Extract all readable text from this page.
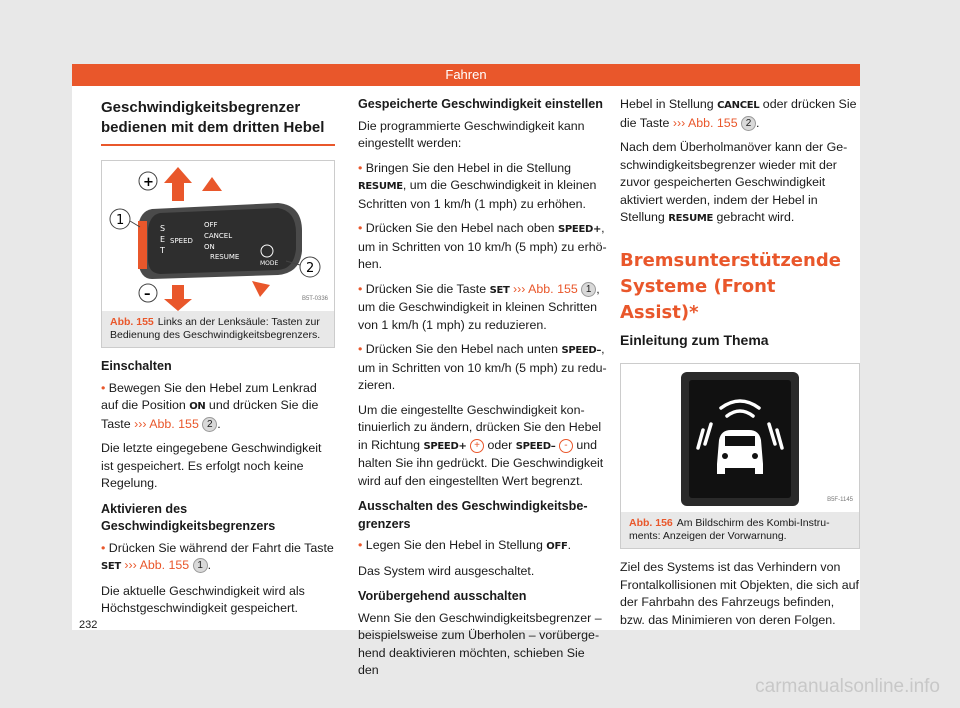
Fahren
Geschwindigkeitsbegrenzer bedienen mit dem dritten Hebel
S
E
T
SPEED
OFF
CANCEL
ON
RESUME
MODE
1
2
+
–	B5T-0336
Abb. 155 Links an der Lenksäule: Tasten zur Bedienung des Geschwindigkeitsbegrenzers.
Einschalten

• Bewegen Sie den Hebel zum Lenkrad auf die Position ON und drücken Sie die Taste ››› Abb. 155 2 .

Die letzte eingegebene Geschwindigkeit ist gespeichert. Es erfolgt noch keine Regelung.

Aktivieren des Geschwindigkeitsbegrenzers

• Drücken Sie während der Fahrt die Taste SET ››› Abb. 155 1 .

Die aktuelle Geschwindigkeit wird als Höchstgeschwindigkeit gespeichert.

Gespeicherte Geschwindigkeit einstellen

Die programmierte Geschwindigkeit kann eingestellt werden:

• Bringen Sie den Hebel in die Stellung RESUME, um die Geschwindigkeit in kleinen Schritten von 1 km/h (1 mph) zu erhöhen.

• Drücken Sie den Hebel nach oben SPEED+, um in Schritten von 10 km/h (5 mph) zu erhöhen.

• Drücken Sie die Taste SET ››› Abb. 155 1 , um die Geschwindigkeit in kleinen Schritten von 1 km/h (1 mph) zu reduzieren.

• Drücken Sie den Hebel nach unten SPEED–, um in Schritten von 10 km/h (5 mph) zu reduzieren.

Um die eingestellte Geschwindigkeit kontinuierlich zu ändern, drücken Sie den Hebel in Richtung SPEED+ + oder SPEED– - und halten Sie ihn gedrückt. Die Geschwindigkeit wird auf den eingestellten Wert begrenzt.

Ausschalten des Geschwindigkeitsbegrenzers

• Legen Sie den Hebel in Stellung OFF.

Das System wird ausgeschaltet.

Vorübergehend ausschalten

Wenn Sie den Geschwindigkeitsbegrenzer – beispielsweise zum Überholen – vorübergehend deaktivieren möchten, schieben Sie den

Hebel in Stellung CANCEL oder drücken Sie die Taste ››› Abb. 155 2 .

Nach dem Überholmanöver kann der Geschwindigkeitsbegrenzer wieder mit der zuvor gespeicherten Geschwindigkeit aktiviert werden, indem der Hebel in Stellung RESUME gebracht wird.

Bremsunterstützende Systeme (Front Assist)*
Einleitung zum Thema
B5F-1145
Abb. 156 Am Bildschirm des Kombi-Instruments: Anzeigen der Vorwarnung.

Ziel des Systems ist das Verhindern von Frontalkollisionen mit Objekten, die sich auf der Fahrbahn des Fahrzeugs befinden, bzw. das Minimieren von deren Folgen.

232
carmanualsonline.info
